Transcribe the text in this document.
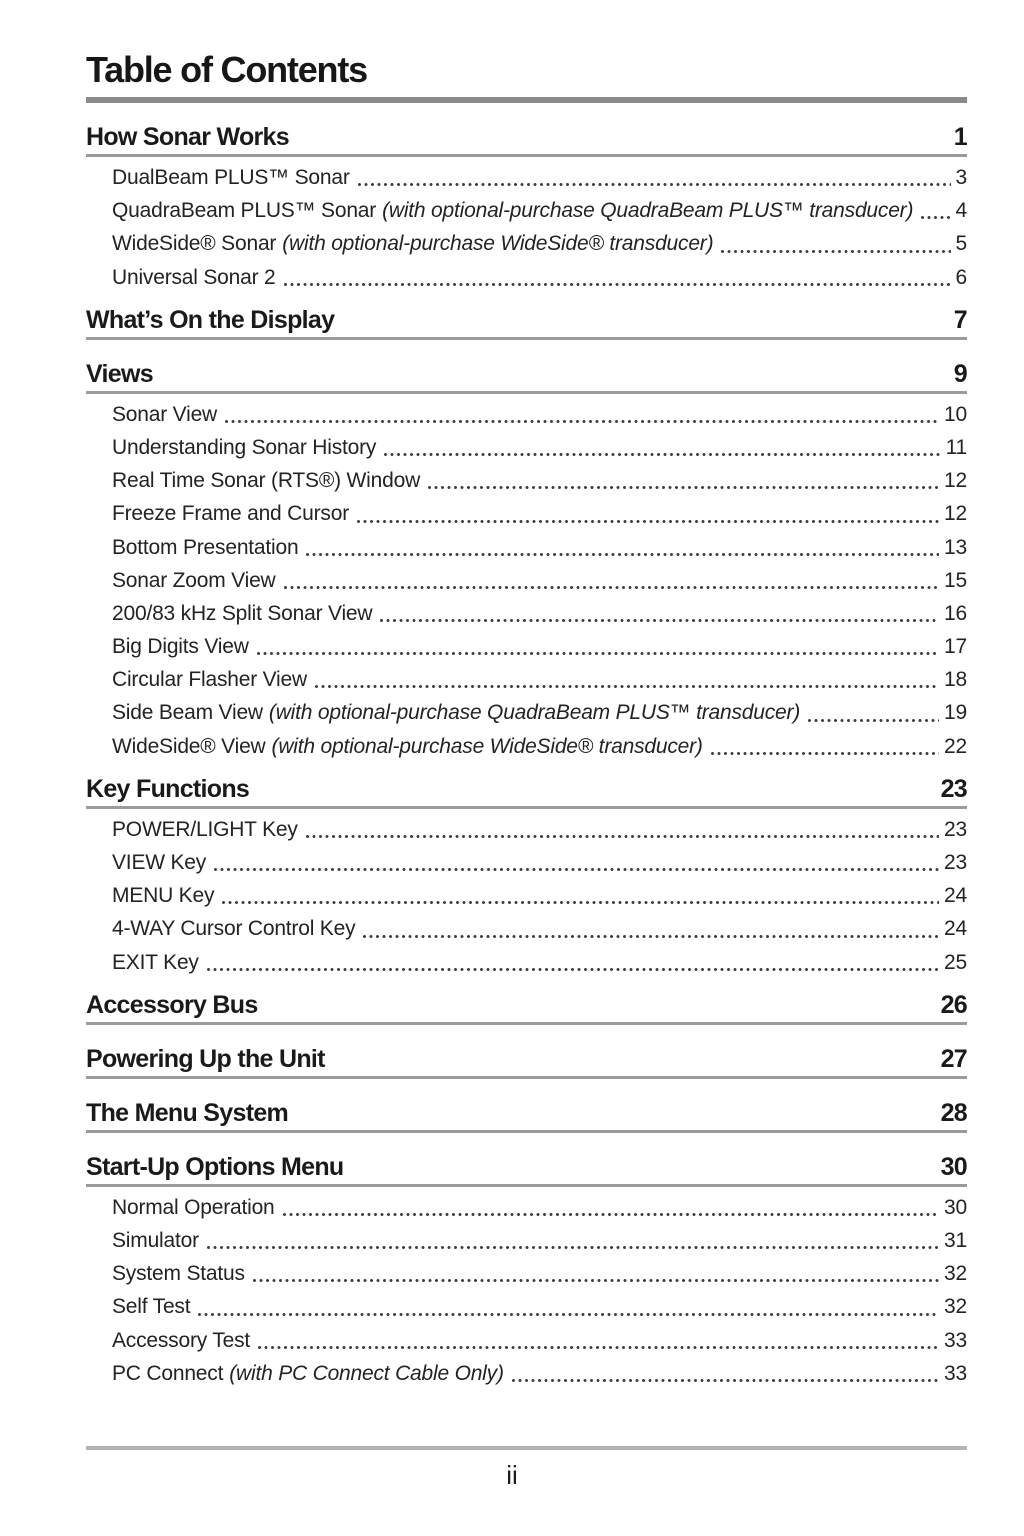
Table of Contents
How Sonar Works	1
DualBeam PLUS™ Sonar	3
QuadraBeam PLUS™ Sonar (with optional-purchase QuadraBeam PLUS™ transducer) 4
WideSide® Sonar (with optional-purchase WideSide® transducer)	5
Universal Sonar 2	6
What’s On the Display	7
Views	9
Sonar View	10
Understanding Sonar History	11
Real Time Sonar (RTS®) Window	12
Freeze Frame and Cursor	12
Bottom Presentation	13
Sonar Zoom View	15
200/83 kHz Split Sonar View	16
Big Digits View	17
Circular Flasher View	18
Side Beam View (with optional-purchase QuadraBeam PLUS™ transducer)	19
WideSide® View (with optional-purchase WideSide® transducer)	22
Key Functions	23
POWER/LIGHT Key	23
VIEW Key	23
MENU Key	24
4-WAY Cursor Control Key	24
EXIT Key	25
Accessory Bus	26
Powering Up the Unit	27
The Menu System	28
Start-Up Options Menu	30
Normal Operation	30
Simulator	31
System Status	32
Self Test	32
Accessory Test	33
PC Connect (with PC Connect Cable Only)	33
ii
